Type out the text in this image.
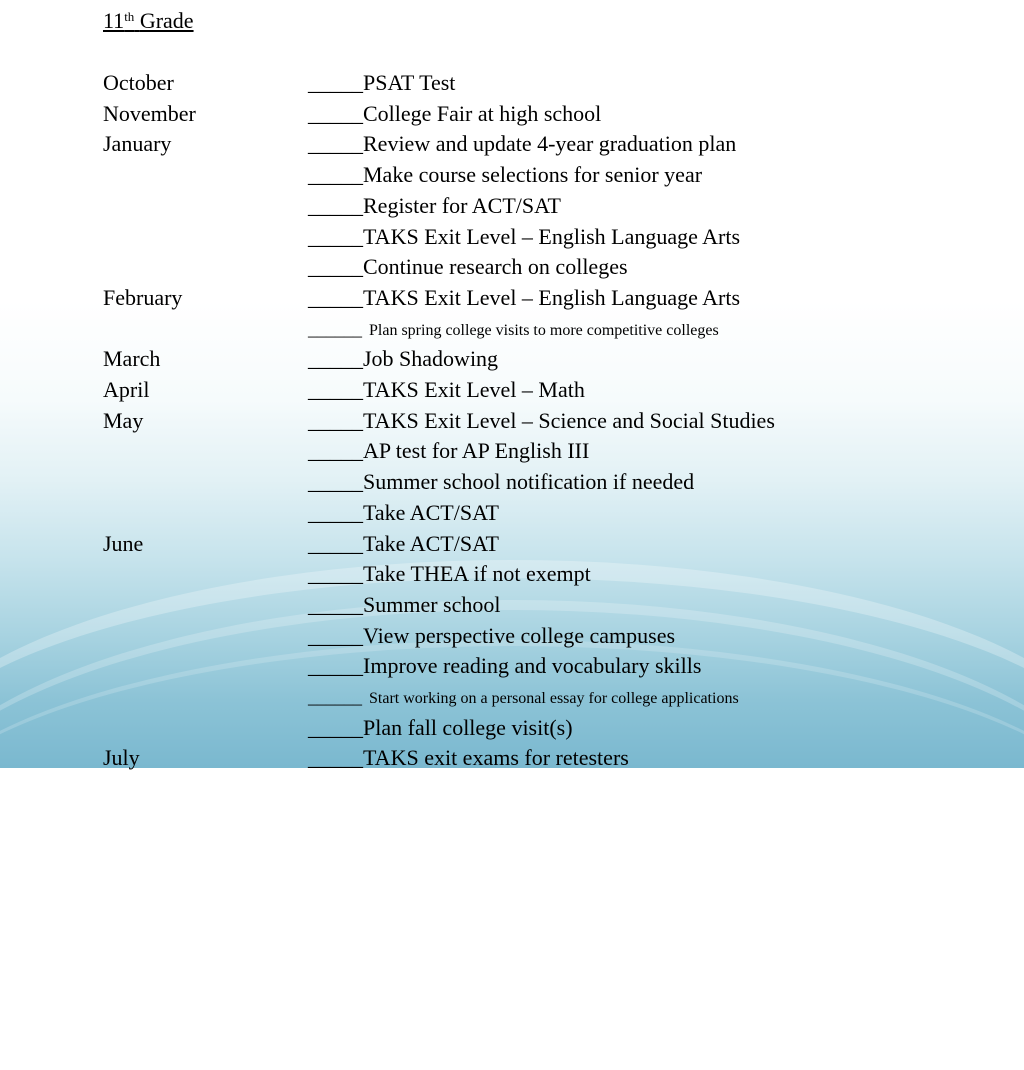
11th Grade
October	_____PSAT Test
November	_____College Fair at high school
January	_____Review and update 4-year graduation plan
_____Make course selections for senior year
_____Register for ACT/SAT
_____TAKS Exit Level – English Language Arts
_____Continue research on colleges
February	_____TAKS Exit Level – English Language Arts
______ Plan spring college visits to more competitive colleges
March	_____Job Shadowing
April	_____TAKS Exit Level – Math
May	_____TAKS Exit Level – Science and Social Studies
_____AP test for AP English III
_____Summer school notification if needed
_____Take ACT/SAT
June	_____Take ACT/SAT
_____Take THEA if not exempt
_____Summer school
_____View perspective college campuses
_____Improve reading and vocabulary skills
______ Start working on a personal essay for college applications
_____Plan fall college visit(s)
July	_____TAKS exit exams for retesters
